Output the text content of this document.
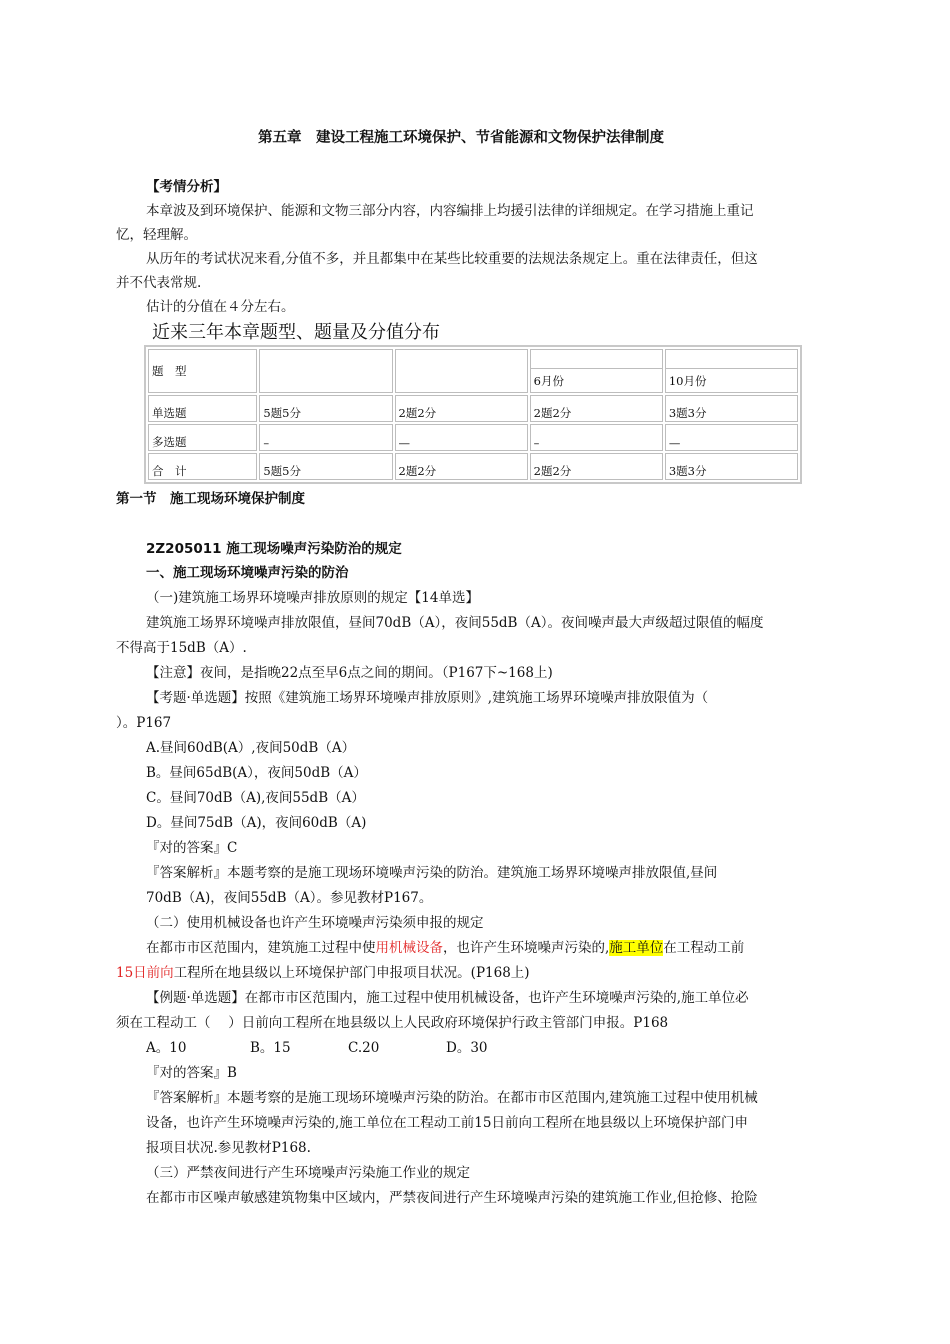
第五章　建设工程施工环境保护、节省能源和文物保护法律制度
【考情分析】
本章波及到环境保护、能源和文物三部分内容，内容编排上均援引法律的详细规定。在学习措施上重记
忆，轻理解。
从历年的考试状况来看,分值不多，并且都集中在某些比较重要的法规法条规定上。重在法律责任，但这
并不代表常规.
估计的分值在４分左右。
近来三年本章题型、题量及分值分布
题　型			6月份	10月份

单选题	5题5分	2题2分	2题2分	3题3分
多选题	–	—	–	—
合　计	5题5分	2题2分	2题2分	3题3分
第一节　施工现场环境保护制度
2Z205011 施工现场噪声污染防治的规定
一、施工现场环境噪声污染的防治
（一)建筑施工场界环境噪声排放原则的规定【14单选】
建筑施工场界环境噪声排放限值，昼间70dB（A），夜间55dB（A）。夜间噪声最大声级超过限值的幅度
不得高于15dB（A）.
【注意】夜间，是指晚22点至早6点之间的期间。（P167下~168上)
【考题·单选题】按照《建筑施工场界环境噪声排放原则》,建筑施工场界环境噪声排放限值为（
）。P167
A.昼间60dB(A）,夜间50dB（A）
B。昼间65dB(A），夜间50dB（A）
C。昼间70dB（A),夜间55dB（A）
D。昼间75dB（A)，夜间60dB（A)
『对的答案』C
『答案解析』本题考察的是施工现场环境噪声污染的防治。建筑施工场界环境噪声排放限值,昼间
70dB（A)，夜间55dB（A）。参见教材P167。
（二）使用机械设备也许产生环境噪声污染须申报的规定
在都市市区范围内，建筑施工过程中使用机械设备，也许产生环境噪声污染的,施工单位在工程动工前
15日前向工程所在地县级以上环境保护部门申报项目状况。(P168上)
【例题·单选题】在都市市区范围内，施工过程中使用机械设备，也许产生环境噪声污染的,施工单位必
须在工程动工（　 ）日前向工程所在地县级以上人民政府环境保护行政主管部门申报。P168
A。10	B。15	C.20	D。30
『对的答案』B
『答案解析』本题考察的是施工现场环境噪声污染的防治。在都市市区范围内,建筑施工过程中使用机械
设备，也许产生环境噪声污染的,施工单位在工程动工前15日前向工程所在地县级以上环境保护部门申
报项目状况.参见教材P168.
（三）严禁夜间进行产生环境噪声污染施工作业的规定
在都市市区噪声敏感建筑物集中区域内，严禁夜间进行产生环境噪声污染的建筑施工作业,但抢修、抢险
